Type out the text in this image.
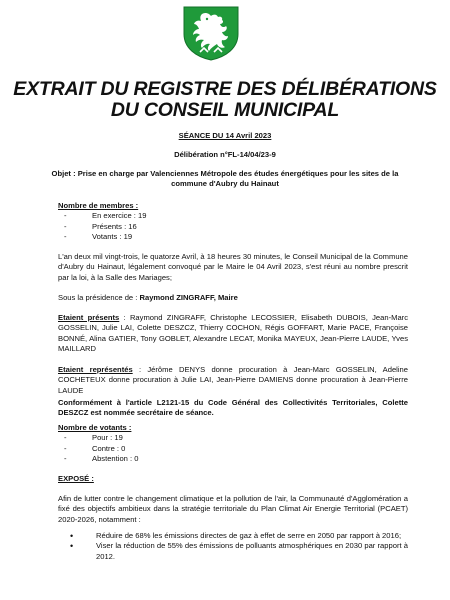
EXTRAIT DU REGISTRE DES DÉLIBÉRATIONS
DU CONSEIL MUNICIPAL
SÉANCE DU 14 Avril 2023
Délibération n°FL-14/04/23-9
Objet : Prise en charge par Valenciennes Métropole des études énergétiques pour les sites de la
commune d'Aubry du Hainaut
Nombre de membres :
- En exercice : 19
- Présents : 16
- Votants : 19
L'an deux mil vingt-trois, le quatorze Avril, à 18 heures 30 minutes, le Conseil Municipal de la Commune d'Aubry du Hainaut, légalement convoqué par le Maire le 04 Avril 2023, s'est réuni au nombre prescrit par la loi, à la Salle des Mariages;
Sous la présidence de : Raymond ZINGRAFF, Maire
Etaient présents : Raymond ZINGRAFF, Christophe LECOSSIER, Elisabeth DUBOIS, Jean-Marc GOSSELIN, Julie LAI, Colette DESZCZ, Thierry COCHON, Régis GOFFART, Marie PACE, Françoise BONNÉ, Alina GATIER, Tony GOBLET, Alexandre LECAT, Monika MAYEUX, Jean-Pierre LAUDE, Yves MAILLARD
Etaient représentés : Jérôme DENYS donne procuration à Jean-Marc GOSSELIN, Adeline COCHETEUX donne procuration à Julie LAI, Jean-Pierre DAMIENS donne procuration à Jean-Pierre LAUDE
Conformément à l'article L2121-15 du Code Général des Collectivités Territoriales, Colette DESZCZ est nommée secrétaire de séance.
Nombre de votants :
- Pour : 19
- Contre : 0
- Abstention : 0
EXPOSÉ :
Afin de lutter contre le changement climatique et la pollution de l'air, la Communauté d'Agglomération a fixé des objectifs ambitieux dans la stratégie territoriale du Plan Climat Air Energie Territorial (PCAET) 2020-2026, notamment :
• Réduire de 68% les émissions directes de gaz à effet de serre en 2050 par rapport à 2016;
• Viser la réduction de 55% des émissions de polluants atmosphériques en 2030 par rapport à 2012.
